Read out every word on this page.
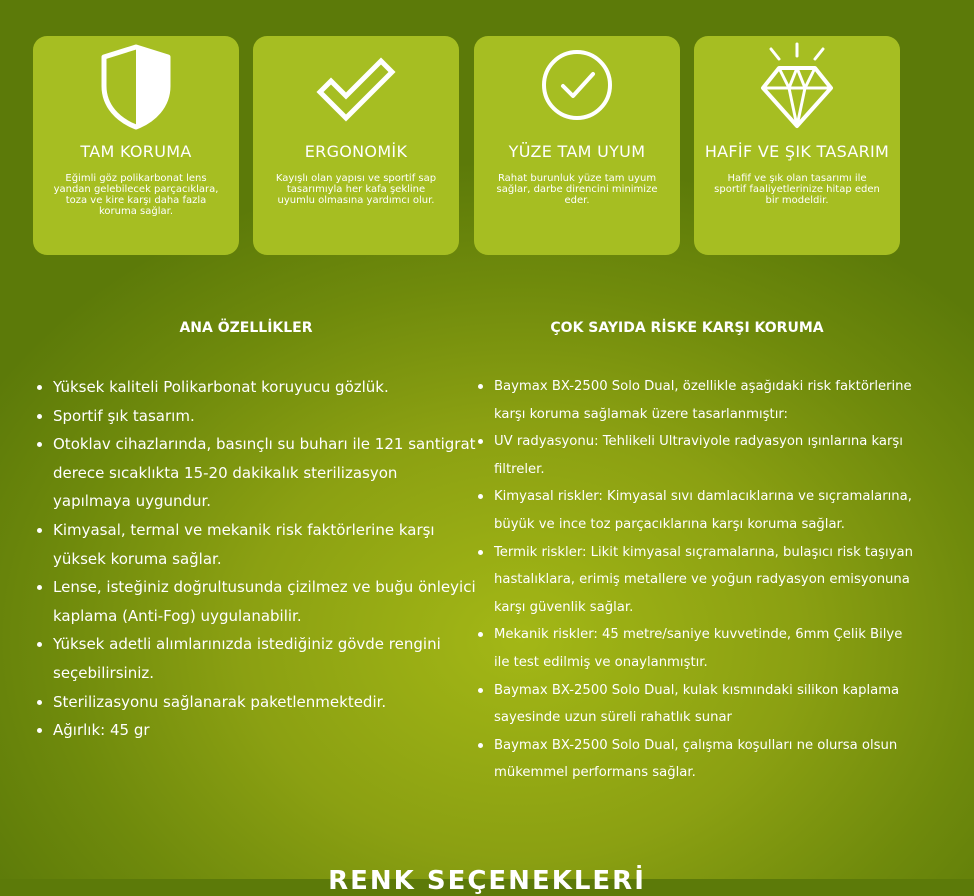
TAM KORUMA
Eğimli göz polikarbonat lens yandan gelebilecek parçacıklara, toza ve kire karşı daha fazla koruma sağlar.
ERGONOMİK
Kayışlı olan yapısı ve sportif sap tasarımıyla her kafa şekline uyumlu olmasına yardımcı olur.
YÜZE TAM UYUM
Rahat burunluk yüze tam uyum sağlar, darbe direncini minimize eder.
HAFİF VE ŞIK TASARIM
Hafif ve şık olan tasarımı ile sportif faaliyetlerinize hitap eden bir modeldir.
ANA ÖZELLİKLER	ÇOK SAYIDA RİSKE KARŞI KORUMA
Yüksek kaliteli Polikarbonat koruyucu gözlük.
Sportif şık tasarım.
Otoklav cihazlarında, basınçlı su buharı ile 121 santigrat derece sıcaklıkta 15-20 dakikalık sterilizasyon yapılmaya uygundur.
Kimyasal, termal ve mekanik risk faktörlerine karşı yüksek koruma sağlar.
Lense, isteğiniz doğrultusunda çizilmez ve buğu önleyici kaplama (Anti-Fog) uygulanabilir.
Yüksek adetli alımlarınızda istediğiniz gövde rengini seçebilirsiniz.
Sterilizasyonu sağlanarak paketlenmektedir.
Ağırlık: 45 gr
Baymax BX-2500 Solo Dual, özellikle aşağıdaki risk faktörlerine karşı koruma sağlamak üzere tasarlanmıştır:
UV radyasyonu: Tehlikeli Ultraviyole radyasyon ışınlarına karşı filtreler.
Kimyasal riskler: Kimyasal sıvı damlacıklarına ve sıçramalarına, büyük ve ince toz parçacıklarına karşı koruma sağlar.
Termik riskler: Likit kimyasal sıçramalarına, bulaşıcı risk taşıyan hastalıklara, erimiş metallere ve yoğun radyasyon emisyonuna karşı güvenlik sağlar.
Mekanik riskler: 45 metre/saniye kuvvetinde, 6mm Çelik Bilye ile test edilmiş ve onaylanmıştır.
Baymax BX-2500 Solo Dual, kulak kısmındaki silikon kaplama sayesinde uzun süreli rahatlık sunar
Baymax BX-2500 Solo Dual, çalışma koşulları ne olursa olsun mükemmel performans sağlar.
RENK SEÇENEKLERİ
